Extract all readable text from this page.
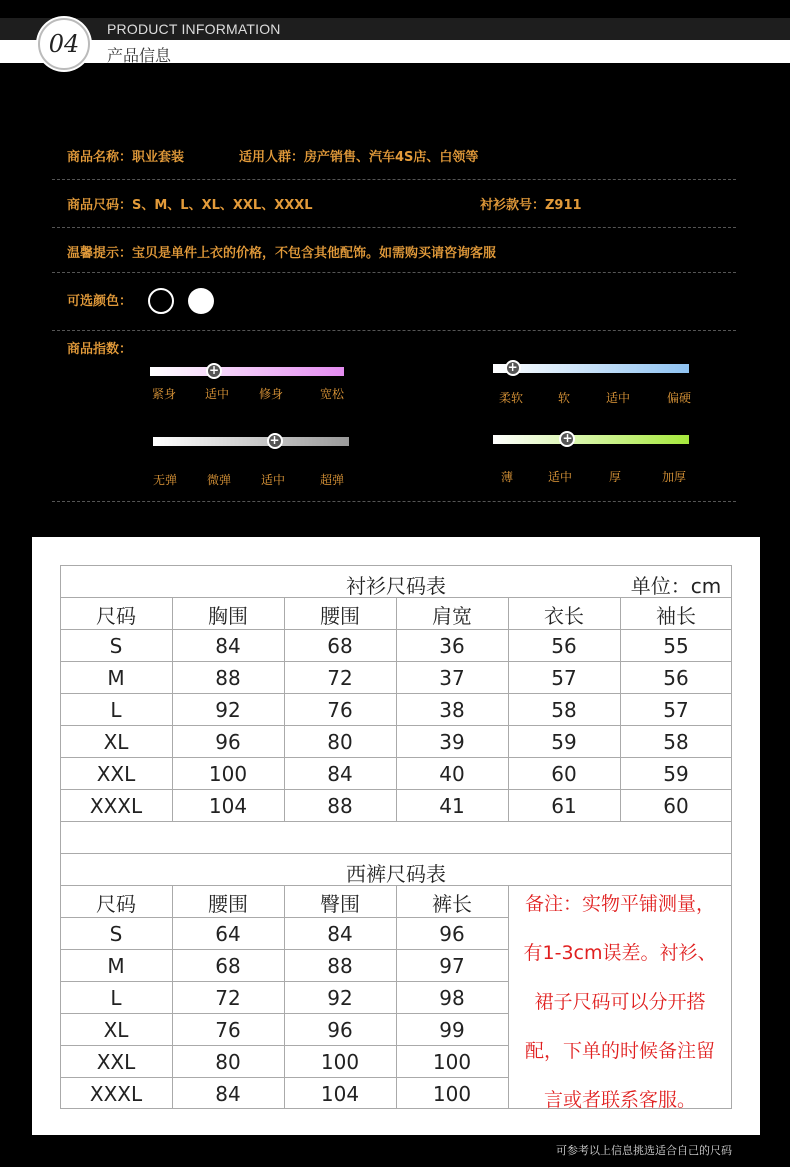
04
PRODUCT INFORMATION
产品信息
商品名称：职业套装	适用人群：房产销售、汽车4S店、白领等
商品尺码：S、M、L、XL、XXL、XXXL	衬衫款号：Z911
温馨提示：宝贝是单件上衣的价格，不包含其他配饰。如需购买请咨询客服
可选颜色：
商品指数：
+
紧身 适中 修身	宽松
+
柔软	软	适中	偏硬
+
无弹 微弹 适中	超弹
+
薄	适中	厚	加厚
衬衫尺码表	单位：cm
尺码	胸围	腰围	肩宽	衣长	袖长
S	84	68	36	56	55
M	88	72	37	57	56
L	92	76	38	58	57
XL	96	80	39	59	58
XXL	100	84	40	60	59
XXXL	104	88	41	61	60
西裤尺码表
尺码	腰围	臀围	裤长
S	64	84	96
M	68	88	97
L	72	92	98
XL	76	96	99
XXL	80	100	100
XXXL	84	104	100
备注：实物平铺测量，
有1-3cm误差。衬衫、
裙子尺码可以分开搭
配，下单的时候备注留
言或者联系客服。
可参考以上信息挑选适合自己的尺码
